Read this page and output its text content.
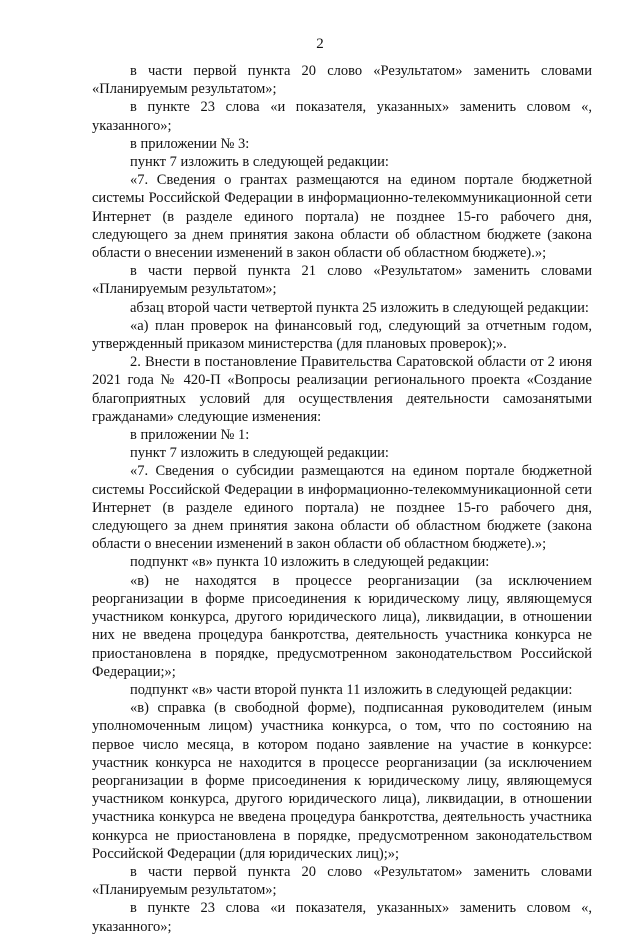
2

в части первой пункта 20 слово «Результатом» заменить словами «Планируемым результатом»;

в пункте 23 слова «и показателя, указанных» заменить словом «, указанного»;

в приложении № 3:

пункт 7 изложить в следующей редакции:

«7. Сведения о грантах размещаются на едином портале бюджетной системы Российской Федерации в информационно-телекоммуникационной сети Интернет (в разделе единого портала) не позднее 15-го рабочего дня, следующего за днем принятия закона области об областном бюджете (закона области о внесении изменений в закон области об областном бюджете).»;

в части первой пункта 21 слово «Результатом» заменить словами «Планируемым результатом»;

абзац второй части четвертой пункта 25 изложить в следующей редакции:

«а) план проверок на финансовый год, следующий за отчетным годом, утвержденный приказом министерства (для плановых проверок);».

2. Внести в постановление Правительства Саратовской области от 2 июня 2021 года № 420-П «Вопросы реализации регионального проекта «Создание благоприятных условий для осуществления деятельности самозанятыми гражданами» следующие изменения:

в приложении № 1:

пункт 7 изложить в следующей редакции:

«7. Сведения о субсидии размещаются на едином портале бюджетной системы Российской Федерации в информационно-телекоммуникационной сети Интернет (в разделе единого портала) не позднее 15-го рабочего дня, следующего за днем принятия закона области об областном бюджете (закона области о внесении изменений в закон области об областном бюджете).»;

подпункт «в» пункта 10 изложить в следующей редакции:

«в) не находятся в процессе реорганизации (за исключением реорганизации в форме присоединения к юридическому лицу, являющемуся участником конкурса, другого юридического лица), ликвидации, в отношении них не введена процедура банкротства, деятельность участника конкурса не приостановлена в порядке, предусмотренном законодательством Российской Федерации;»;

подпункт «в» части второй пункта 11 изложить в следующей редакции:

«в) справка (в свободной форме), подписанная руководителем (иным уполномоченным лицом) участника конкурса, о том, что по состоянию на первое число месяца, в котором подано заявление на участие в конкурсе: участник конкурса не находится в процессе реорганизации (за исключением реорганизации в форме присоединения к юридическому лицу, являющемуся участником конкурса, другого юридического лица), ликвидации, в отношении участника конкурса не введена процедура банкротства, деятельность участника конкурса не приостановлена в порядке, предусмотренном законодательством Российской Федерации (для юридических лиц);»;

в части первой пункта 20 слово «Результатом» заменить словами «Планируемым результатом»;

в пункте 23 слова «и показателя, указанных» заменить словом «, указанного»;
